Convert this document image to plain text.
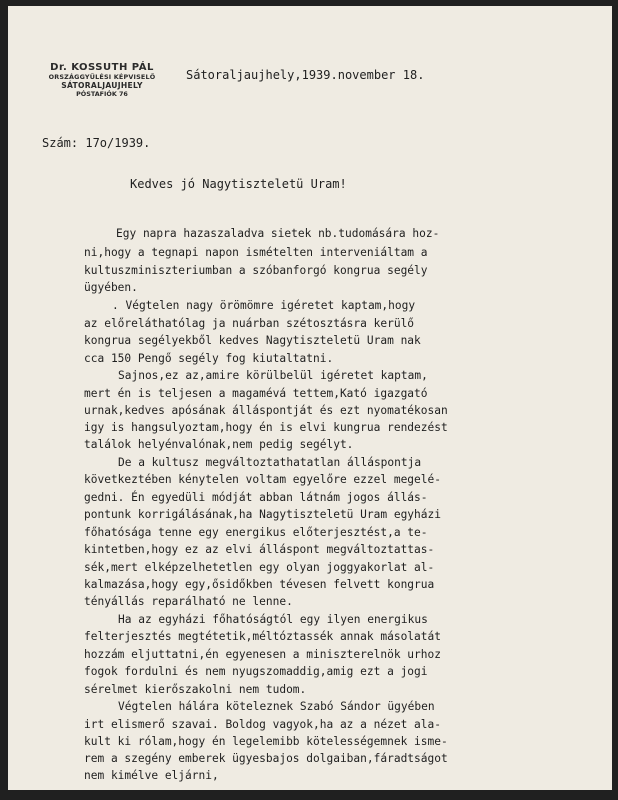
Dr. KOSSUTH PÁL
ORSZÁGGYŰLÉSI KÉPVISELŐ
SÁTORALJAUJHELY
PÓSTAFIÓK 76
Sátoraljaujhely,1939.november 18.
Szám: 17o/1939.
Kedves jó Nagytiszteletü Uram!
Egy napra hazaszaladva sietek nb.tudomására hoz-
ni,hogy a tegnapi napon ismételten interveniáltam a
kultuszminiszteriumban a szóbanforgó kongrua segély
ügyében.
. Végtelen nagy örömömre igéretet kaptam,hogy
az előreláthatólag ja nuárban szétosztásra kerülő
kongrua segélyekből kedves Nagytiszteletü Uram nak
cca 150 Pengő segély fog kiutaltatni.
Sajnos,ez az,amire körülbelül igéretet kaptam,
mert én is teljesen a magamévá tettem,Kató igazgató
urnak,kedves apósának álláspontját és ezt nyomatékosan
igy is hangsulyoztam,hogy én is elvi kungrua rendezést
találok helyénvalónak,nem pedig segélyt.
De a kultusz megváltoztathatatlan álláspontja
következtében kénytelen voltam egyelőre ezzel megelé-
gedni. Én egyedüli módját abban látnám jogos állás-
pontunk korrigálásának,ha Nagytiszteletü Uram egyházi
főhatósága tenne egy energikus előterjesztést,a te-
kintetben,hogy ez az elvi álláspont megváltoztattas-
sék,mert elképzelhetetlen egy olyan joggyakorlat al-
kalmazása,hogy egy,ősidőkben tévesen felvett kongrua
tényállás reparálható ne lenne.
Ha az egyházi főhatóságtól egy ilyen energikus
felterjesztés megtétetik,méltóztassék annak másolatát
hozzám eljuttatni,én egyenesen a miniszterelnök urhoz
fogok fordulni és nem nyugszomaddig,amig ezt a jogi
sérelmet kierőszakolni nem tudom.
Végtelen hálára köteleznek Szabó Sándor ügyében
irt elismerő szavai. Boldog vagyok,ha az a nézet ala-
kult ki rólam,hogy én legelemibb kötelességemnek isme-
rem a szegény emberek ügyesbajos dolgaiban,fáradtságot
nem kimélve eljárni,
